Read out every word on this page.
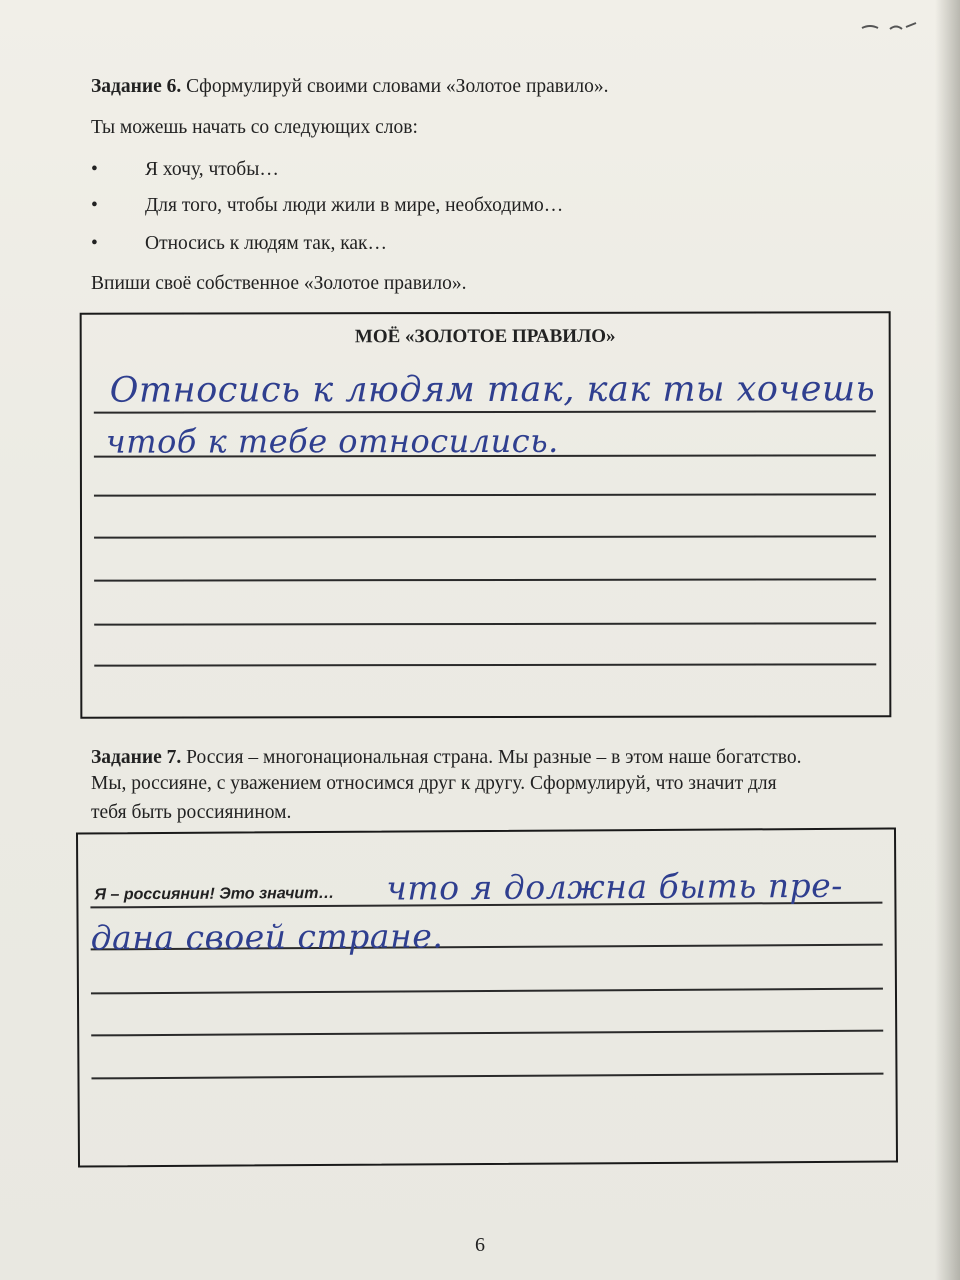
Задание 6. Сформулируй своими словами «Золотое правило».

Ты можешь начать со следующих слов:

• Я хочу, чтобы…
• Для того, чтобы люди жили в мире, необходимо…
• Относись к людям так, как…

Впиши своё собственное «Золотое правило».

МОЁ «ЗОЛОТОЕ ПРАВИЛО»
Относись к людям так, как ты хочешь
чтоб к тебе относились.

Задание 7. Россия – многонациональная страна. Мы разные – в этом наше богатство.

Мы, россияне, с уважением относимся друг к другу. Сформулируй, что значит для

тебя быть россиянином.

Я – россиянин! Это значит… что я должна быть пре-
дана своей стране.
6
